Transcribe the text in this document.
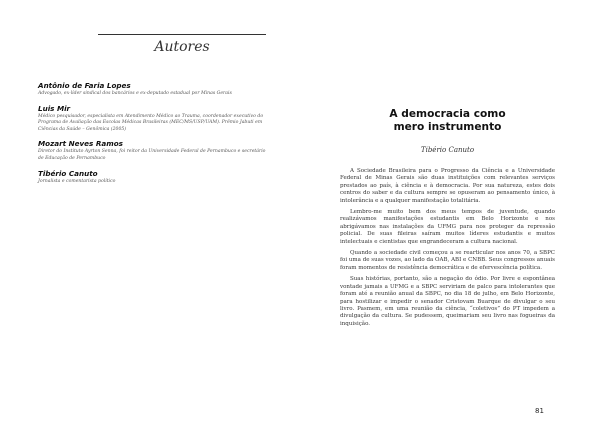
Autores
Antônio de Faria Lopes
Advogado, ex-líder sindical dos bancários e ex-deputado estadual por Minas Gerais
Luis Mir
Médico pesquisador, especialista em Atendimento Médico ao Trauma, coordenador executivo do Programa de Avaliação das Escolas Médicas Brasileiras (MEC/MS/USP/UAM). Prêmio Jabuti em Ciências da Saúde – Genômica (2005)
Mozart Neves Ramos
Diretor do Instituto Ayrton Senna, foi reitor da Universidade Federal de Pernambuco e secretário de Educação de Pernambuco
Tibério Canuto
Jornalista e comentarista político
A democracia como mero instrumento
Tibério Canuto

A Sociedade Brasileira para o Progresso da Ciência e a Universidade Federal de Minas Gerais são duas instituições com relevantes serviços prestados ao país, à ciência e à democracia. Por sua natureza, estes dois centros do saber e da cultura sempre se opuseram ao pensamento único, à intolerância e a qualquer manifestação totalitária.

Lembro-me muito bem dos meus tempos de juventude, quando realizávamos manifestações estudantis em Belo Horizonte e nos abrigávamos nas instalações da UFMG para nos proteger da repressão policial. De suas fileiras saíram muitos líderes estudantis e muitos intelectuais e cientistas que engrandeceram a cultura nacional.

Quando a sociedade civil começou a se rearticular nos anos 70, a SBPC foi uma de suas vozes, ao lado da OAB, ABI e CNBB. Seus congressos anuais foram momentos de resistência democrática e de efervescência política.

Suas histórias, portanto, são a negação do ódio. Por livre e espontânea vontade jamais a UFMG e a SBPC serviriam de palco para intolerantes que foram até a reunião anual da SBPC, no dia 18 de julho, em Belo Horizonte, para hostilizar e impedir o senador Cristovam Buarque de divulgar o seu livro. Pasmem, em uma reunião da ciência, “coletivos” do PT impedem a divulgação da cultura. Se pudessem, queimariam seu livro nas fogueiras da inquisição.

81
